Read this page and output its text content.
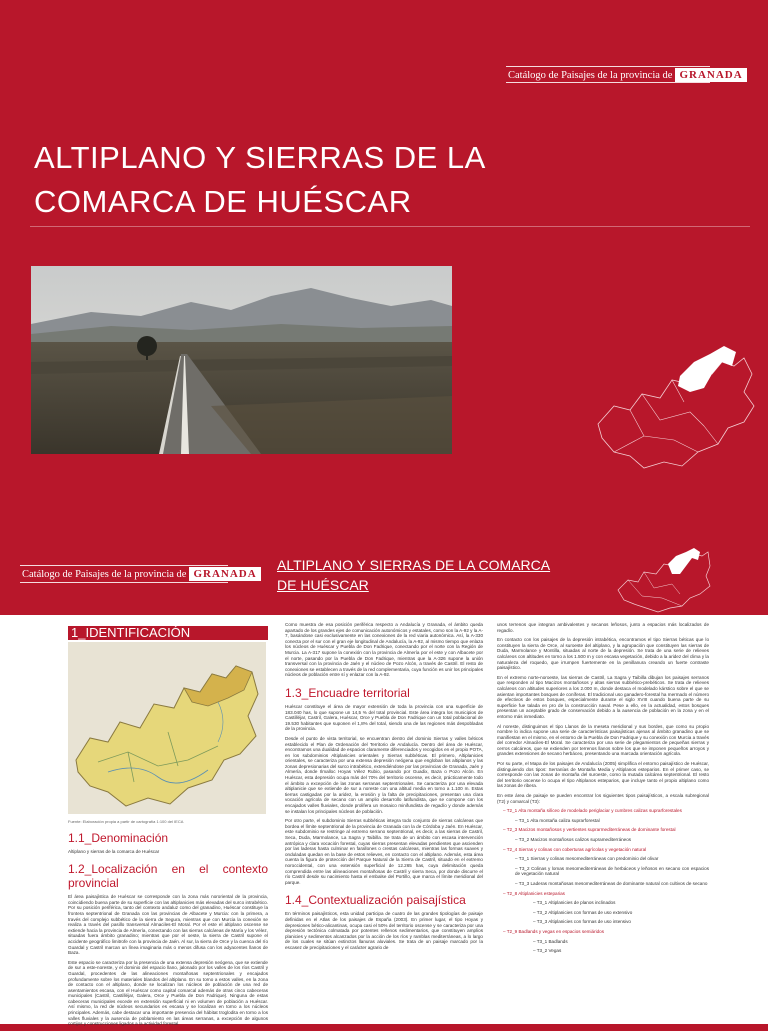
Catálogo de Paisajes de la provincia de GRANADA
ALTIPLANO Y SIERRAS DE LA
COMARCA DE HUÉSCAR
Catálogo de Paisajes de la provincia de GRANADA
ALTIPLANO Y SIERRAS DE LA COMARCA
DE HUÉSCAR
1_IDENTIFICACIÓN

Fuente: Elaboración propia a partir de cartografía 1:100 del IECA

1.1_Denominación

Altiplano y sierras de la comarca de Huéscar

1.2_Localización en el contexto provincial

El área paisajística de Huéscar se corresponde con la zona más nororiental de la provincia, coincidiendo buena parte de su superficie con las altiplanicies más elevadas del surco intrabético. Por su posición periférica, tanto del contexto andaluz como del granadino, Huéscar constituye la frontera septentrional de Granada con las provincias de Albacete y Murcia: con la primera, a través del complejo subbético de la sierra de Segura, mientras que con Murcia la conexión se realiza a través del pasillo transversal Almaciles-El Moral. Por el este el altiplano oscense se extiende hacia la provincia de Almería, conectando con las sierras calcáreas de María y los Vélez, situadas fuera ámbito granadino; mientras que por el oeste, la sierra de Castril supone el accidente geográfico limitrofe con la provincia de Jaén. Al sur, la sierra de Orce y la cuenca del río Guardal y Castril marcan un línea imaginaria más o menos difusa con los adyacentes llanos de Baza.

Este espacio se caracteriza por la presencia de una extensa depresión neógena, que se extiende de sur a este-noreste, y el dominio del espacio llano, jalonado por los valles de los ríos Castril y Guardal, procedentes de las alineaciones montañosas septentrionales y encajados profundamente sobre los materiales blandos del altiplano. En su torno a estos valles, en la zona de contacto con el altiplano, donde se localizan los núcleos de población de una red de asentamientos escasa, con el Huéscar como capital comarcal además de otras cinco cabeceras municipales (Castril, Castilléjar, Galera, Orce y Puebla de Don Fadrique). Ninguna de estas cabeceras municipales excede en extensión superficial ni en volumen de población a Huéscar. Así mismo, la red de núcleos secundarios es escasa y se localizan en torno a los núcleos principales. Además, cabe destacar una importante presencia del hábitat troglodita en torno a los valles fluviales y la ausencia de poblamiento en las áreas serranas, a excepción de algunos cortijos y construcciones ligados a la actividad forestal.

Como muestra de esa posición periférica respecto a Andalucía y Granada, el ámbito queda apartado de los grandes ejes de comunicación autonómicos y estatales, como son la A-92 y la A-7, basándose casi exclusivamente en las conexiones de la red viaria autonómica. Así, la A-330 conecta por el sur con el gran eje longitudinal de Andalucía, la A-92, al mismo tiempo que enlaza los núcleos de Huéscar y Puebla de Don Fadrique, conectando por el norte con la Región de Murcia. La A-317 supone la conexión con la provincia de Almería por el este y con Albacete por el norte, pasando por la Puebla de Don Fadrique, mientras que la A-326 supone la unión transversal con la provincia de Jaén y el núcleo de Pozo Alcón, a través de Castril. El resto de conexiones se establecen a través de la red complementaria, cuya función es unir los principales núcleos de población entre sí y enlazar con la A-92.

1.3_Encuadre territorial

Huéscar constituye el área de mayor extensión de toda la provincia con una superficie de 183.040 has, lo que supone un 14,5 % del total provincial. Este área integra los municipios de Castilléjar, Castril, Galera, Huéscar, Orce y Puebla de Don Fadrique con un total poblacional de 19.530 habitantes que suponen el 1,8% del total, siendo una de las regiones más despobladas de la provincia.

Desde el punto de vista territorial, se encuentran dentro del dominio Sierras y valles béticos establecido el Plan de Ordenación del Territorio de Andalucía. Dentro del área de Huéscar, encontramos una dualidad de espacios claramente diferenciados y recogidos en el propio POTA, en los subdominios Altiplanicies orientales y Sierras subbéticas. El primero, Altiplanicies orientales, se caracteriza por una extensa depresión neógena que engloban los altiplanos y las zonas depresionarias del surco intrabético, extendiéndose por las provincias de Granada, Jaén y Almería, donde Ilmalloc Hoyas Vélez Rubio, pasando por Guadix, Baza o Pozo Alcón. En Huéscar, esta depresión ocupa más del 70% del territorio oscense, es decir, prácticamente todo el ámbito a excepción de las zonas serranas septentrionales. Se caracteriza por una elevada altiplanicie que se extiende de sur a noreste con una altitud media en torno a 1.100 m. Estas tierras castigadas por la aridez, la erosión y la falta de precipitaciones, presentan una clara vocación agrícola de secano con un amplio desarrollo latifundista, que se compone con los encajados valles fluviales, donde prolifera un mosaico minifundista de regadío y donde además se instalan los principales núcleos de población.

Por otro parte, el subdominio Sierras subbéticas integra todo conjunto de sierras calcáreas que bordea el límite septentrional de la provincia de Granada con la de Córdoba y Jaén. En Huéscar, este subdominio se restringe al extremo serrano septentrional, es decir, a las sierras de Castril, Seca, Duda, Marmolance, La Sagra y Taibilla. Se trata de un ámbito con escasa intervención antrópica y clara vocación forestal, cuyas sierras presentan elevadas pendientes que ascienden por las laderas hasta culminar en farallones o crestas calcáreas, mientras las formas suaves y onduladas quedan en la base de estos relieves, en contacto con el altiplano. Además, esta área cuenta la figura de protección del Parque Natural de la Sierra de Castril, situado en el extremo noroccidental, con una extensión superficial de 12.265 has, cuya delimitación queda comprendida entre las alineaciones montañosas de Castril y sierra Seca, por donde discurre el río Castril desde su nacimiento hasta el embalse del Portillo, que marca el límite meridional del parque.

1.4_Contextualización paisajística

En términos paisajísticos, esta unidad participa de cuatro de las grandes tipologías de paisaje definidas en el Atlas de los paisajes de España (2003). En primer lugar, el tipo Hoyas y depresiones bético-alicantinas, ocupa casi el 50% del territorio oscense y se caracteriza por una depresión tectónica colmatada por potentes rellenos sedimentarios, que constituyen amplios planicies y sedimentos alcanzados por la acción de los ríos y ramblas mediterráneas, a lo largo de los cuales se sitúan extinctos llanuras aluviales. Se trata de un paisaje marcado por la escasez de precipitaciones y el carácter agrario de

unos terrenos que integran ambivalentes y secanos leñosos, junto a espacios más localizados de regadío.

En contacto con los paisajes de la depresión intrabética, encontramos el tipo Sierras béticas que lo constituyen la sierra de Orce, al suroeste del altiplano, y la agrupación que constituyen las sierras de Duda, Marmolance y Montilla, situadas al norte de la depresión. Se trata de una serie de relieves calcáreos con altitudes en torno a los 1.500 m y con escasa vegetación, debido a la aridez del clima y la naturaleza del roquedo, que irrumpen fuertemente en la penillanura creando un fuerte contraste paisajístico.

En el extremo norte-noroeste, las sierras de Castril, La Sagra y Taibilla dibujan los paisajes serranos que responden al tipo Macizos montañosos y altas sierras subbético-prebéticos. Se trata de relieves calcáreos con altitudes superiores a los 2.000 m, donde destaca el modelado kárstico sobre el que se asientan importantes bosques de coníferas. El tradicional uso ganadero-forestal ha mermado el número de efectivos de estos bosques, especialmente durante el siglo XVIII cuando buena parte de su superficie fue talada en pro de la construcción naval. Pese a ello, en la actualidad, estos bosques presentan un aceptable grado de conservación debido a la ausencia de población en la zona y en el entorno más inmediato.

Al noreste, distinguimos el tipo Llanos de la meseta meridional y sus bordes, que como su propio nombre lo indica supone una serie de características paisajísticas ajenas al ámbito granadino que se manifiestan en el mismo, en el entorno de la Puebla de Don Fadrique y su conexión con Murcia a través del corredor Almaciles-El Moral. Se caracteriza por una serie de plegamientos de pequeñas sierras y cerros calcáreos, que se extienden por terrenos llanos sobre los que se imponen pequeños arroyos y grandes extensiones de secano herbáceo, presentando una marcada orientación agrícola.

Por su parte, el Mapa de los paisajes de Andalucía (2005) simplifica el entorno paisajístico de Huéscar, distinguiendo dos tipos: Serranías de Montaña Media y Altiplanos esteparios. En el primer caso, se corresponde con las zonas de montaña del suroeste, como la mutada calcárea septentrional. El resto del territorio oscense lo ocupa el tipo Altiplanos esteparios, que incluye tanto el propio altiplano como las zonas de ribera.

En este área de paisaje se pueden encontrar los siguientes tipos paisajísticos, a escala subregional (T2) y comarcal (T3):

– T2_1 Alta montaña silíceo de modelado periglaciar y cumbres calizas suprarforestales

– T3_1 Alta montaña caliza suprarforestal

– T2_3 Macizos montañosos y vertientes suprarmediterráneas de dominante forestal

– T3_2 Macizos montañosos calizos supramediterráneos

– T2_4 Sierras y colinas con coberturas agrícolas y vegetación natural

– T3_1 Sierras y colinas mesomediterráneas con predominio del olivar

– T3_2 Colinas y lomas mesomediterráneas de herbáceos y leñosos en secano con espacios de vegetación natural

– T3_3 Laderas montañosas mesomediterráneas de dominante natural con cultivos de secano

– T2_8 Altiplanicies esteparias

– T3_1 Altiplanicies de planos inclinados

– T3_2 Altiplanicies con formas de uso extensivo

– T3_3 Altiplanicies con formas de uso intensivo

– T2_9 Badlands y vegas en espacios semiáridos

– T3_1 Badlands

– T3_2 Vegas
